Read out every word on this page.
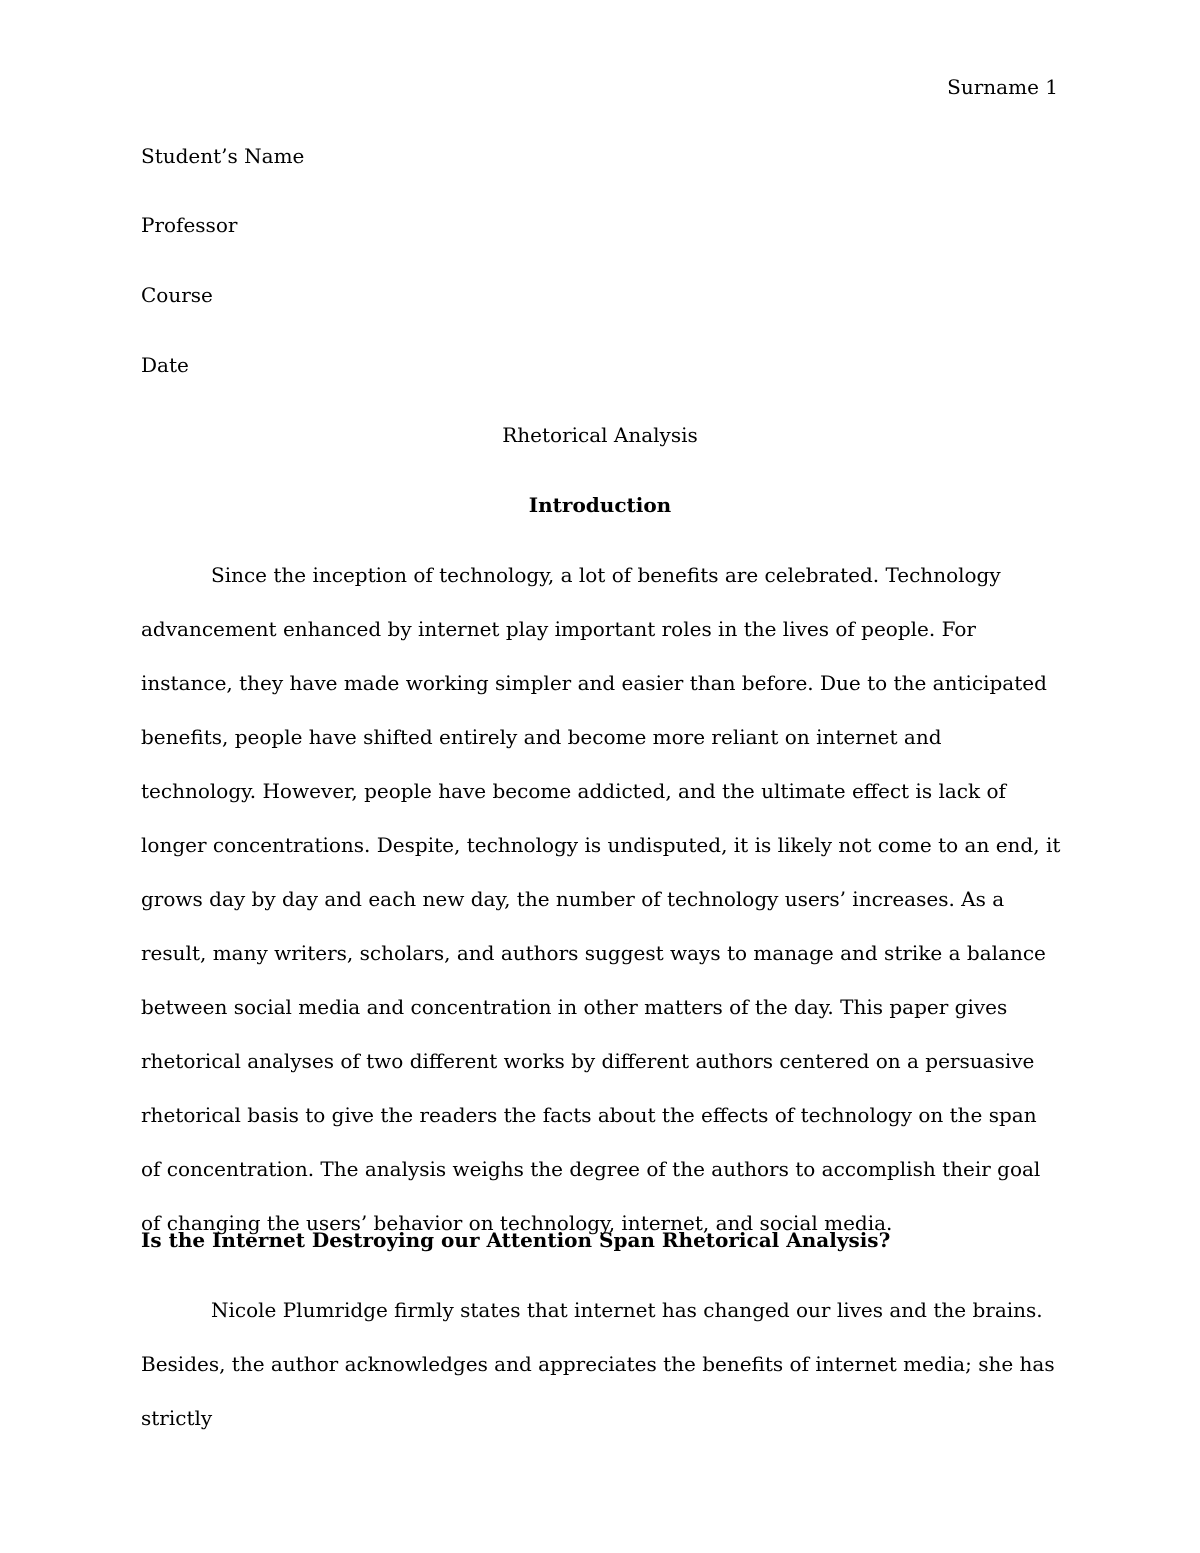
Surname 1
Student’s Name
Professor
Course
Date
Rhetorical Analysis
Introduction
Since the inception of technology, a lot of benefits are celebrated. Technology advancement enhanced by internet play important roles in the lives of people. For instance, they have made working simpler and easier than before. Due to the anticipated benefits, people have shifted entirely and become more reliant on internet and technology. However, people have become addicted, and the ultimate effect is lack of longer concentrations. Despite, technology is undisputed, it is likely not come to an end, it grows day by day and each new day, the number of technology users’ increases. As a result, many writers, scholars, and authors suggest ways to manage and strike a balance between social media and concentration in other matters of the day. This paper gives rhetorical analyses of two different works by different authors centered on a persuasive rhetorical basis to give the readers the facts about the effects of technology on the span of concentration. The analysis weighs the degree of the authors to accomplish their goal of changing the users’ behavior on technology, internet, and social media.
Is the Internet Destroying our Attention Span Rhetorical Analysis?
Nicole Plumridge firmly states that internet has changed our lives and the brains. Besides, the author acknowledges and appreciates the benefits of internet media; she has strictly
